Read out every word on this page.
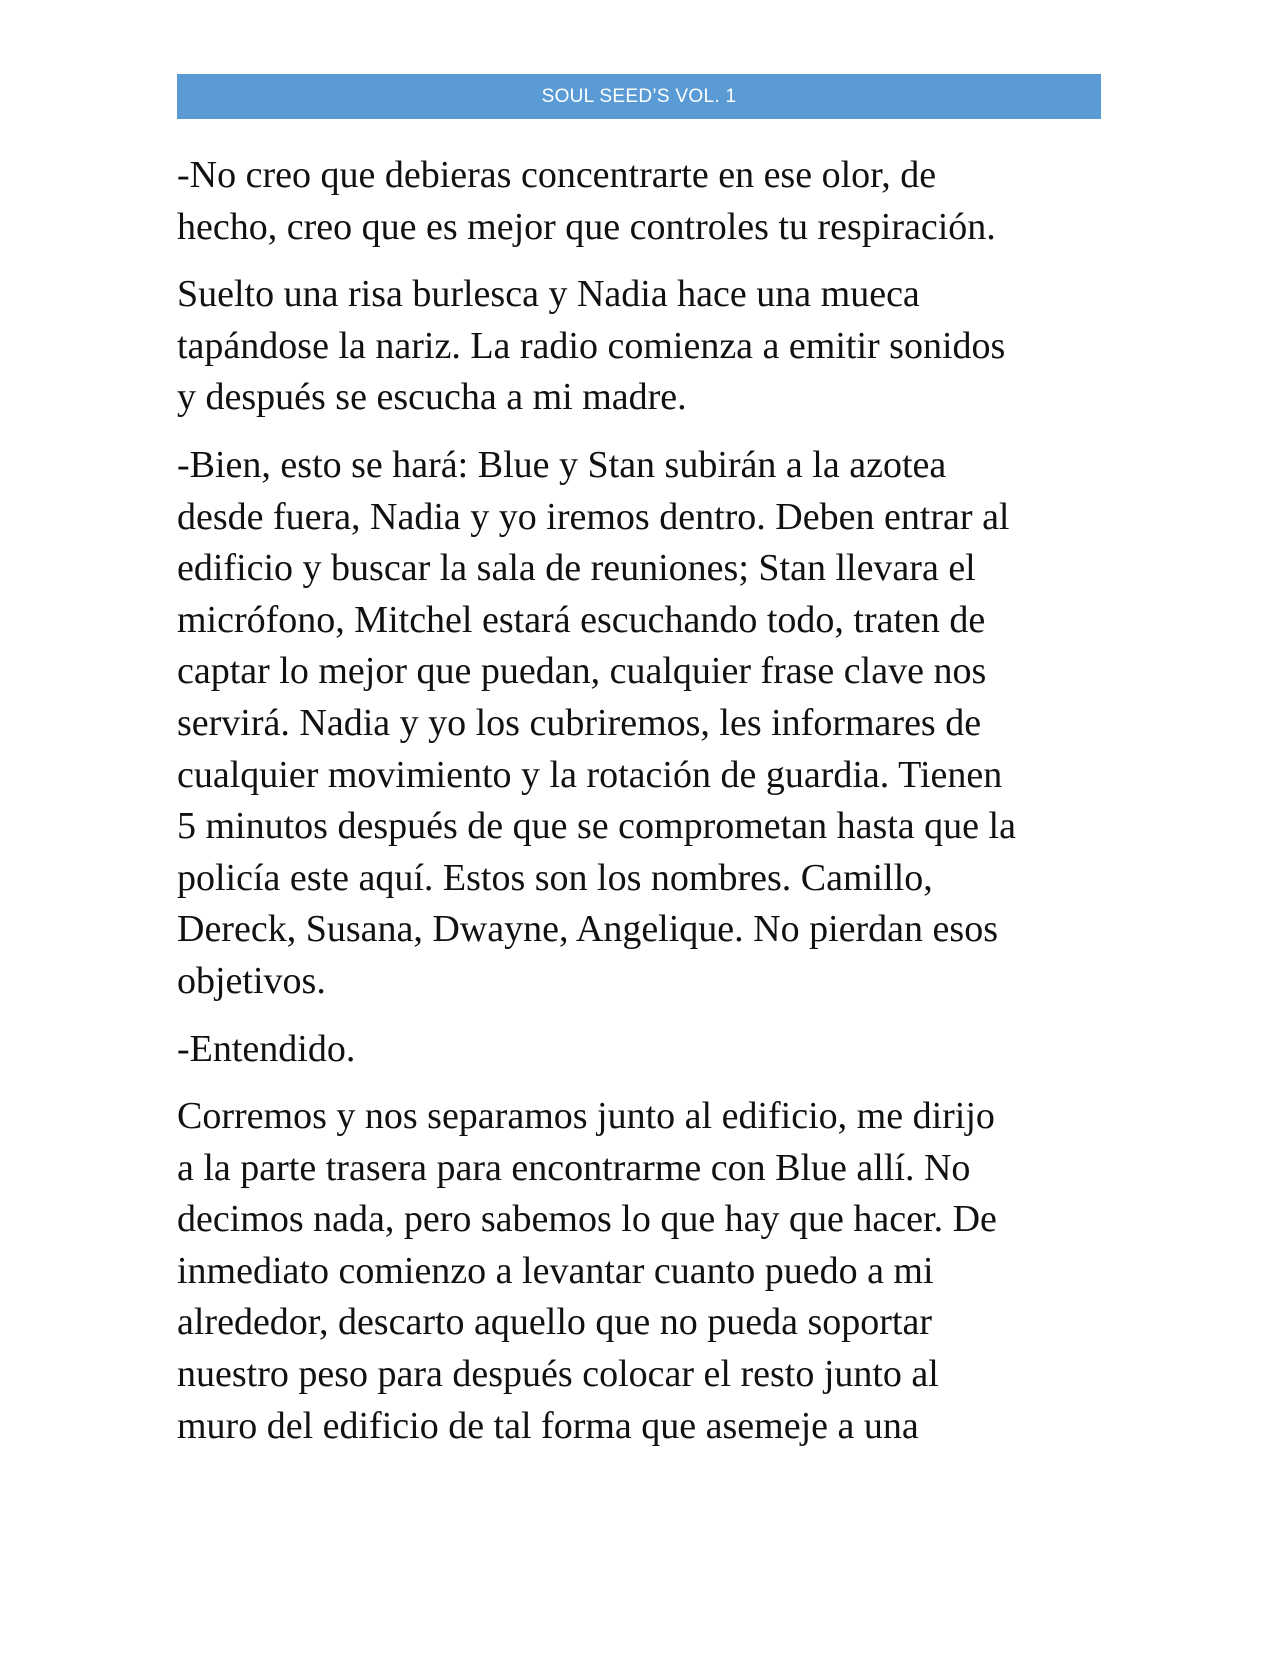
SOUL SEED’S VOL. 1

-No creo que debieras concentrarte en ese olor, de
hecho, creo que es mejor que controles tu respiración.

Suelto una risa burlesca y Nadia hace una mueca
tapándose la nariz. La radio comienza a emitir sonidos
y después se escucha a mi madre.

-Bien, esto se hará: Blue y Stan subirán a la azotea
desde fuera, Nadia y yo iremos dentro. Deben entrar al
edificio y buscar la sala de reuniones; Stan llevara el
micrófono, Mitchel estará escuchando todo, traten de
captar lo mejor que puedan, cualquier frase clave nos
servirá. Nadia y yo los cubriremos, les informares de
cualquier movimiento y la rotación de guardia. Tienen
5 minutos después de que se comprometan hasta que la
policía este aquí. Estos son los nombres. Camillo,
Dereck, Susana, Dwayne, Angelique. No pierdan esos
objetivos.

-Entendido.

Corremos y nos separamos junto al edificio, me dirijo
a la parte trasera para encontrarme con Blue allí. No
decimos nada, pero sabemos lo que hay que hacer. De
inmediato comienzo a levantar cuanto puedo a mi
alrededor, descarto aquello que no pueda soportar
nuestro peso para después colocar el resto junto al
muro del edificio de tal forma que asemeje a una
